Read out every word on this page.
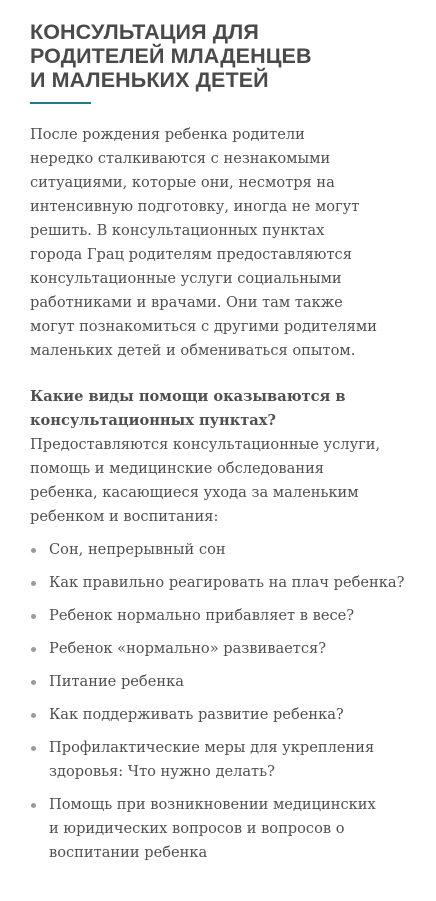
КОНСУЛЬТАЦИЯ ДЛЯ
РОДИТЕЛЕЙ МЛАДЕНЦЕВ
И МАЛЕНЬКИХ ДЕТЕЙ

После рождения ребенка родители
нередко сталкиваются с незнакомыми
ситуациями, которые они, несмотря на
интенсивную подготовку, иногда не могут
решить. В консультационных пунктах
города Грац родителям предоставляются
консультационные услуги социальными
работниками и врачами. Они там также
могут познакомиться с другими родителями
маленьких детей и обмениваться опытом.

Какие виды помощи оказываются в
консультационных пунктах?
Предоставляются консультационные услуги,
помощь и медицинские обследования
ребенка, касающиеся ухода за маленьким
ребенком и воспитания:

Сон, непрерывный сон
Как правильно реагировать на плач ребенка?
Ребенок нормально прибавляет в весе?
Ребенок «нормально» развивается?
Питание ребенка
Как поддерживать развитие ребенка?
Профилактические меры для укрепления
здоровья: Что нужно делать?
Помощь при возникновении медицинских
и юридических вопросов и вопросов о
воспитании ребенка
